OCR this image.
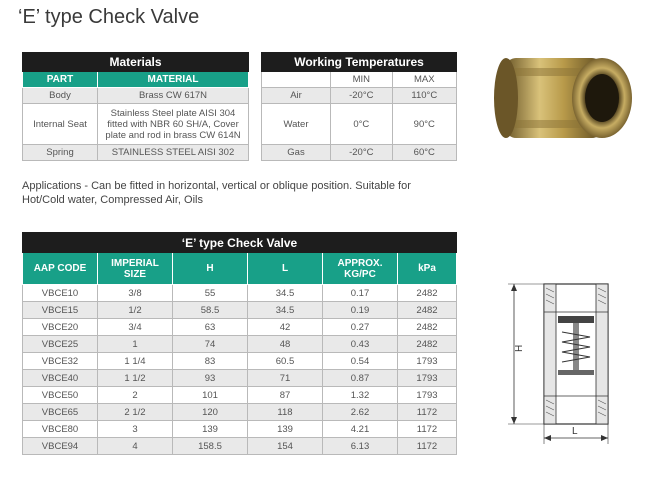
‘E’ type Check Valve
Materials	
PART	MATERIAL
Body	Brass CW 617N
Internal Seat	Stainless Steel plate AISI 304 fitted with NBR 60 SH/A, Cover plate and rod in brass CW 614N
Spring	STAINLESS STEEL AISI 302
Working Temperatures		
	MIN	MAX
Air	-20°C	110°C
Water	0°C	90°C
Gas	-20°C	60°C
Applications - Can be fitted in horizontal, vertical or oblique position. Suitable for Hot/Cold water, Compressed Air, Oils
‘E’ type Check Valve					
AAP CODE	IMPERIAL SIZE	H	L	APPROX. KG/PC	kPa
VBCE10	3/8	55	34.5	0.17	2482
VBCE15	1/2	58.5	34.5	0.19	2482
VBCE20	3/4	63	42	0.27	2482
VBCE25	1	74	48	0.43	2482
VBCE32	1 1/4	83	60.5	0.54	1793
VBCE40	1 1/2	93	71	0.87	1793
VBCE50	2	101	87	1.32	1793
VBCE65	2 1/2	120	118	2.62	1172
VBCE80	3	139	139	4.21	1172
VBCE94	4	158.5	154	6.13	1172
H
L
